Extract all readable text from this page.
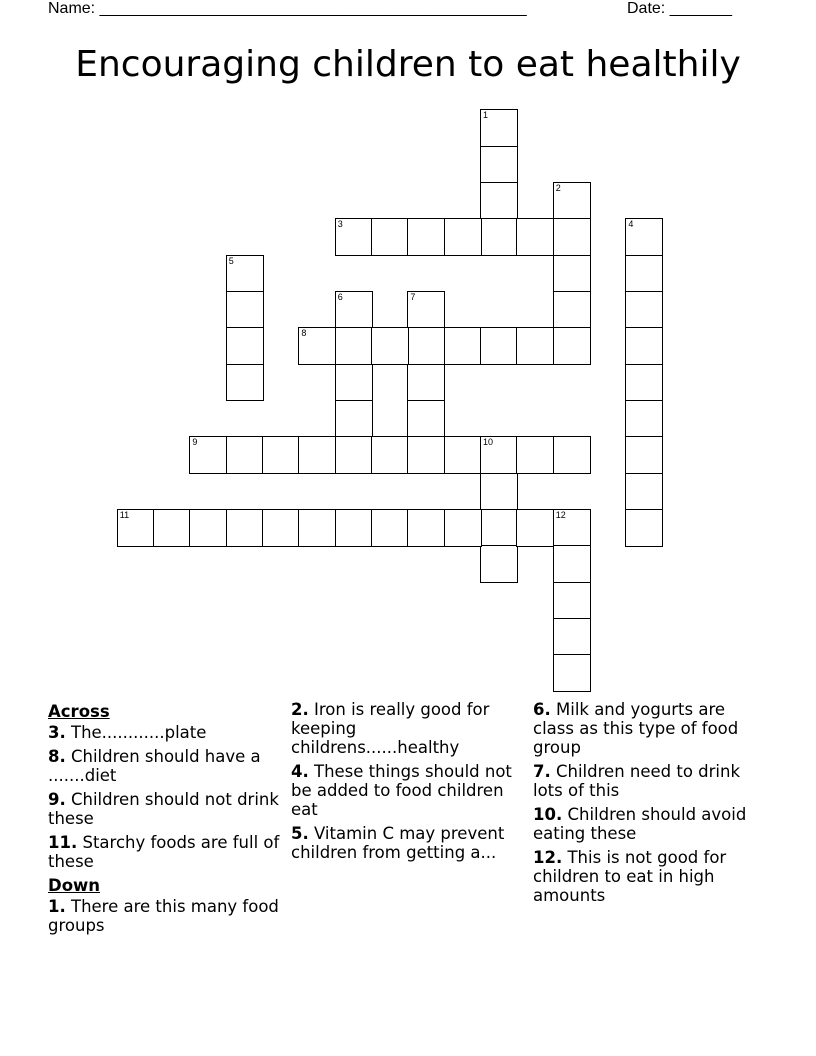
Name: ________________________________________________	Date: _______
Encouraging children to eat healthily
1
2
3	4
5
6	7
8
9	10
11	12
Across
3. The............plate
8. Children should have a .......diet
9. Children should not drink these
11. Starchy foods are full of these
Down
1. There are this many food groups
2. Iron is really good for keeping childrens......healthy
4. These things should not be added to food children eat
5. Vitamin C may prevent children from getting a...
6. Milk and yogurts are class as this type of food group
7. Children need to drink lots of this
10. Children should avoid eating these
12. This is not good for children to eat in high amounts
